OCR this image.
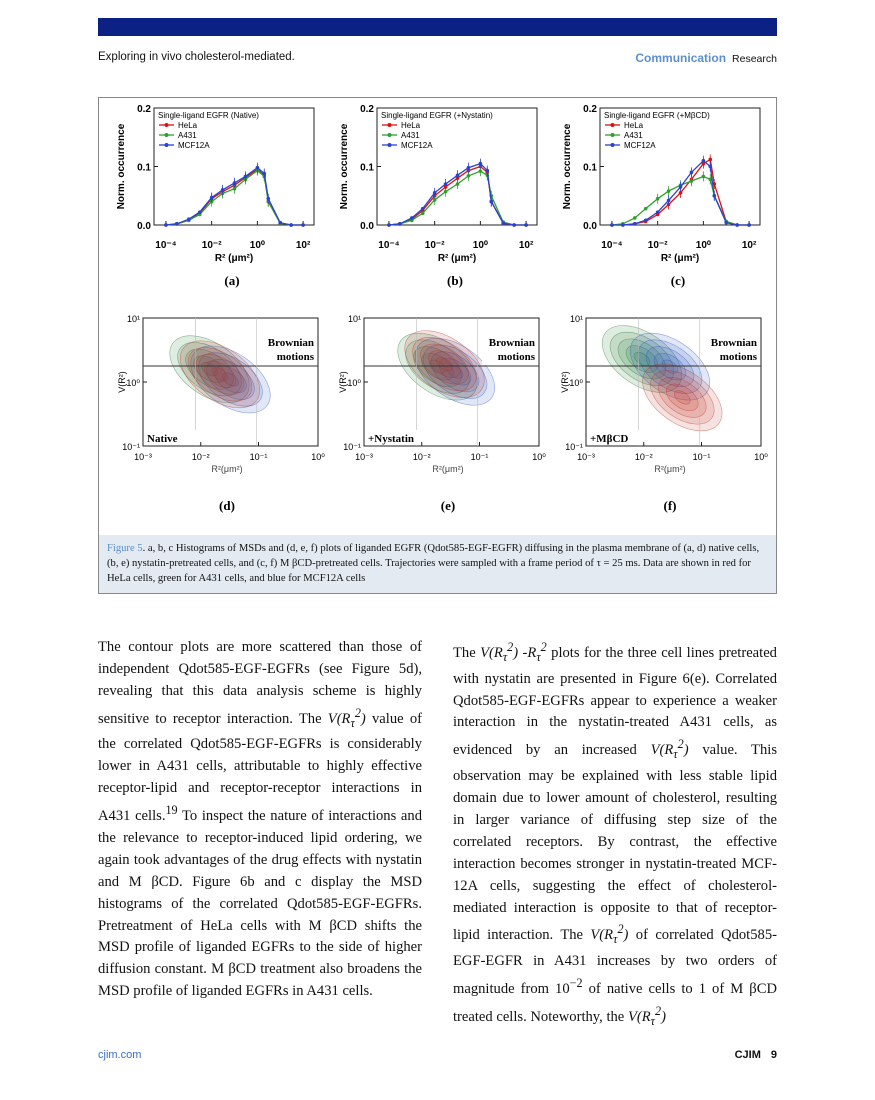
Exploring in vivo cholesterol-mediated.	Communication Research
0.2
0.1
0.0
10⁻⁴	10⁻²	10⁰	10²
R² (μm²)
Norm. occurrence
Single-ligand EGFR (Native)
HeLa
A431
MCF12A
(a)
0.2
0.1
0.0
10⁻⁴	10⁻²	10⁰	10²
R² (μm²)
Norm. occurrence
Single-ligand EGFR (+Nystatin)
HeLa
A431
MCF12A
(b)
0.2
0.1
0.0
10⁻⁴	10⁻²	10⁰	10²
R² (μm²)
Norm. occurrence
Single-ligand EGFR (+MβCD)
HeLa
A431
MCF12A
(c)
Brownian
motions
Native
10¹
10⁰
10⁻¹
V(R²)
10⁻³	10⁻²	10⁻¹	10⁰
R²(μm²)
(d)
Brownian
motions
+Nystatin
10¹
10⁰
10⁻¹
V(R²)
10⁻³	10⁻²	10⁻¹	10⁰
R²(μm²)
(e)
Brownian
motions
+MβCD
10¹
10⁰
10⁻¹
V(R²)
10⁻³	10⁻²	10⁻¹	10⁰
R²(μm²)
(f)
Figure 5. a, b, c Histograms of MSDs and (d, e, f) plots of liganded EGFR (Qdot585-EGF-EGFR) diffusing in the plasma membrane of (a, d) native cells, (b, e) nystatin-pretreated cells, and (c, f) M βCD-pretreated cells. Trajectories were sampled with a frame period of τ = 25 ms. Data are shown in red for HeLa cells, green for A431 cells, and blue for MCF12A cells
The contour plots are more scattered than those of independent Qdot585-EGF-EGFRs (see Figure 5d), revealing that this data analysis scheme is highly sensitive to receptor interaction. The $V(R_\tau^2)$ value of the correlated Qdot585-EGF-EGFRs is considerably lower in A431 cells, attributable to highly effective receptor-lipid and receptor-receptor interactions in A431 cells.$^{19}$ To inspect the nature of interactions and the relevance to receptor-induced lipid ordering, we again took advantages of the drug effects with nystatin and M βCD. Figure 6b and c display the MSD histograms of the correlated Qdot585-EGF-EGFRs. Pretreatment of HeLa cells with M βCD shifts the MSD profile of liganded EGFRs to the side of higher diffusion constant. M βCD treatment also broadens the MSD profile of liganded EGFRs in A431 cells.
The $V(R_\tau^2)$ $-R_\tau^2$ plots for the three cell lines pretreated with nystatin are presented in Figure 6(e). Correlated Qdot585-EGF-EGFRs appear to experience a weaker interaction in the nystatin-treated A431 cells, as evidenced by an increased $V(R_\tau^2)$ value. This observation may be explained with less stable lipid domain due to lower amount of cholesterol, resulting in larger variance of diffusing step size of the correlated receptors. By contrast, the effective interaction becomes stronger in nystatin-treated MCF-12A cells, suggesting the effect of cholesterol-mediated interaction is opposite to that of receptor-lipid interaction. The $V(R_\tau^2)$ of correlated Qdot585-EGF-EGFR in A431 increases by two orders of magnitude from $10^{-2}$ of native cells to 1 of M βCD treated cells. Noteworthy, the $V(R_\tau^2)$
cjim.com	CJIM 9
